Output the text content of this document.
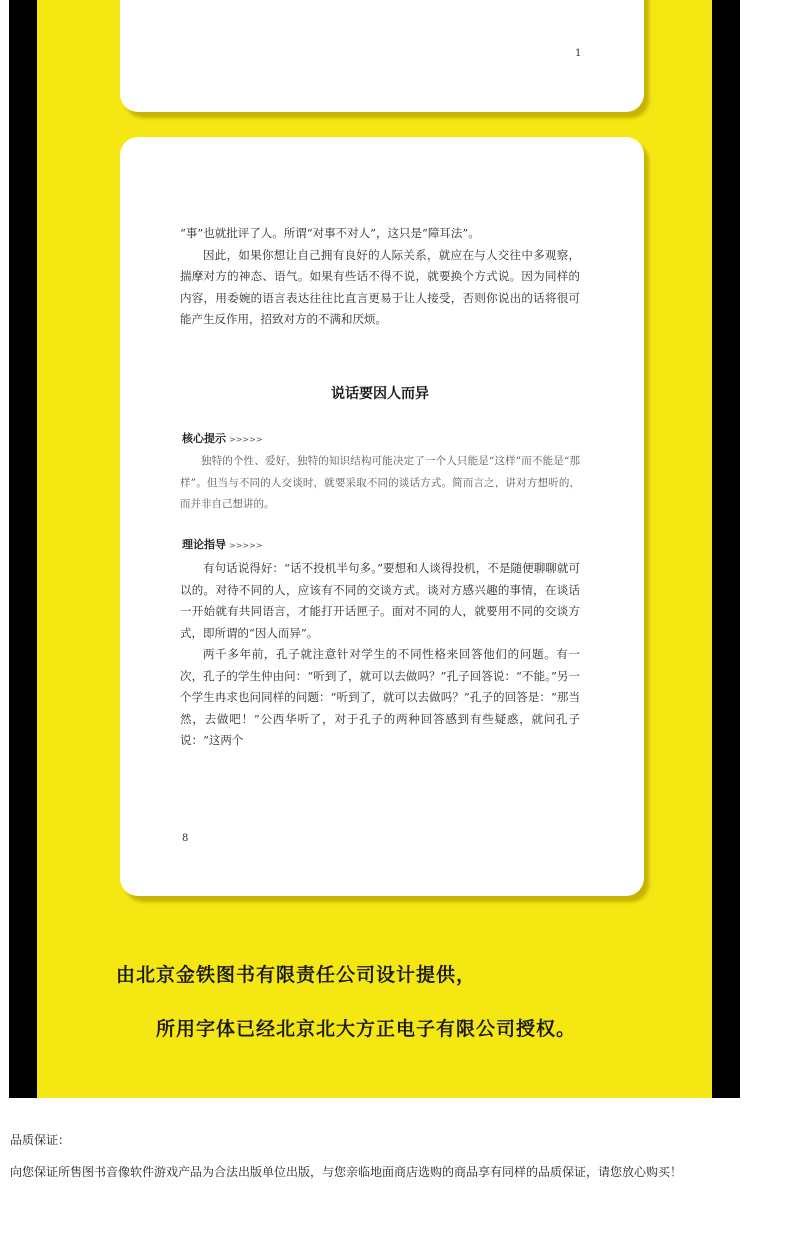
1

“事”也就批评了人。所谓“对事不对人”，这只是“障耳法”。

因此，如果你想让自己拥有良好的人际关系，就应在与人交往中多观察，揣摩对方的神态、语气。如果有些话不得不说，就要换个方式说。因为同样的内容，用委婉的语言表达往往比直言更易于让人接受，否则你说出的话将很可能产生反作用，招致对方的不满和厌烦。

说话要因人而异
核心提示 >>>>>

独特的个性、爱好，独特的知识结构可能决定了一个人只能是“这样”而不能是“那样”。但当与不同的人交谈时，就要采取不同的谈话方式。简而言之，讲对方想听的，而并非自己想讲的。

理论指导 >>>>>

有句话说得好：“话不投机半句多。”要想和人谈得投机，不是随便聊聊就可以的。对待不同的人，应该有不同的交谈方式。谈对方感兴趣的事情，在谈话一开始就有共同语言，才能打开话匣子。面对不同的人，就要用不同的交谈方式，即所谓的“因人而异”。

两千多年前，孔子就注意针对学生的不同性格来回答他们的问题。有一次，孔子的学生仲由问：“听到了，就可以去做吗？”孔子回答说：“不能。”另一个学生冉求也问同样的问题：“听到了，就可以去做吗？”孔子的回答是：“那当然，去做吧！”公西华听了，对于孔子的两种回答感到有些疑惑，就问孔子说：“这两个

8
由北京金铁图书有限责任公司设计提供，
所用字体已经北京北大方正电子有限公司授权。
品质保证：
向您保证所售图书音像软件游戏产品为合法出版单位出版，与您亲临地面商店选购的商品享有同样的品质保证，请您放心购买！
